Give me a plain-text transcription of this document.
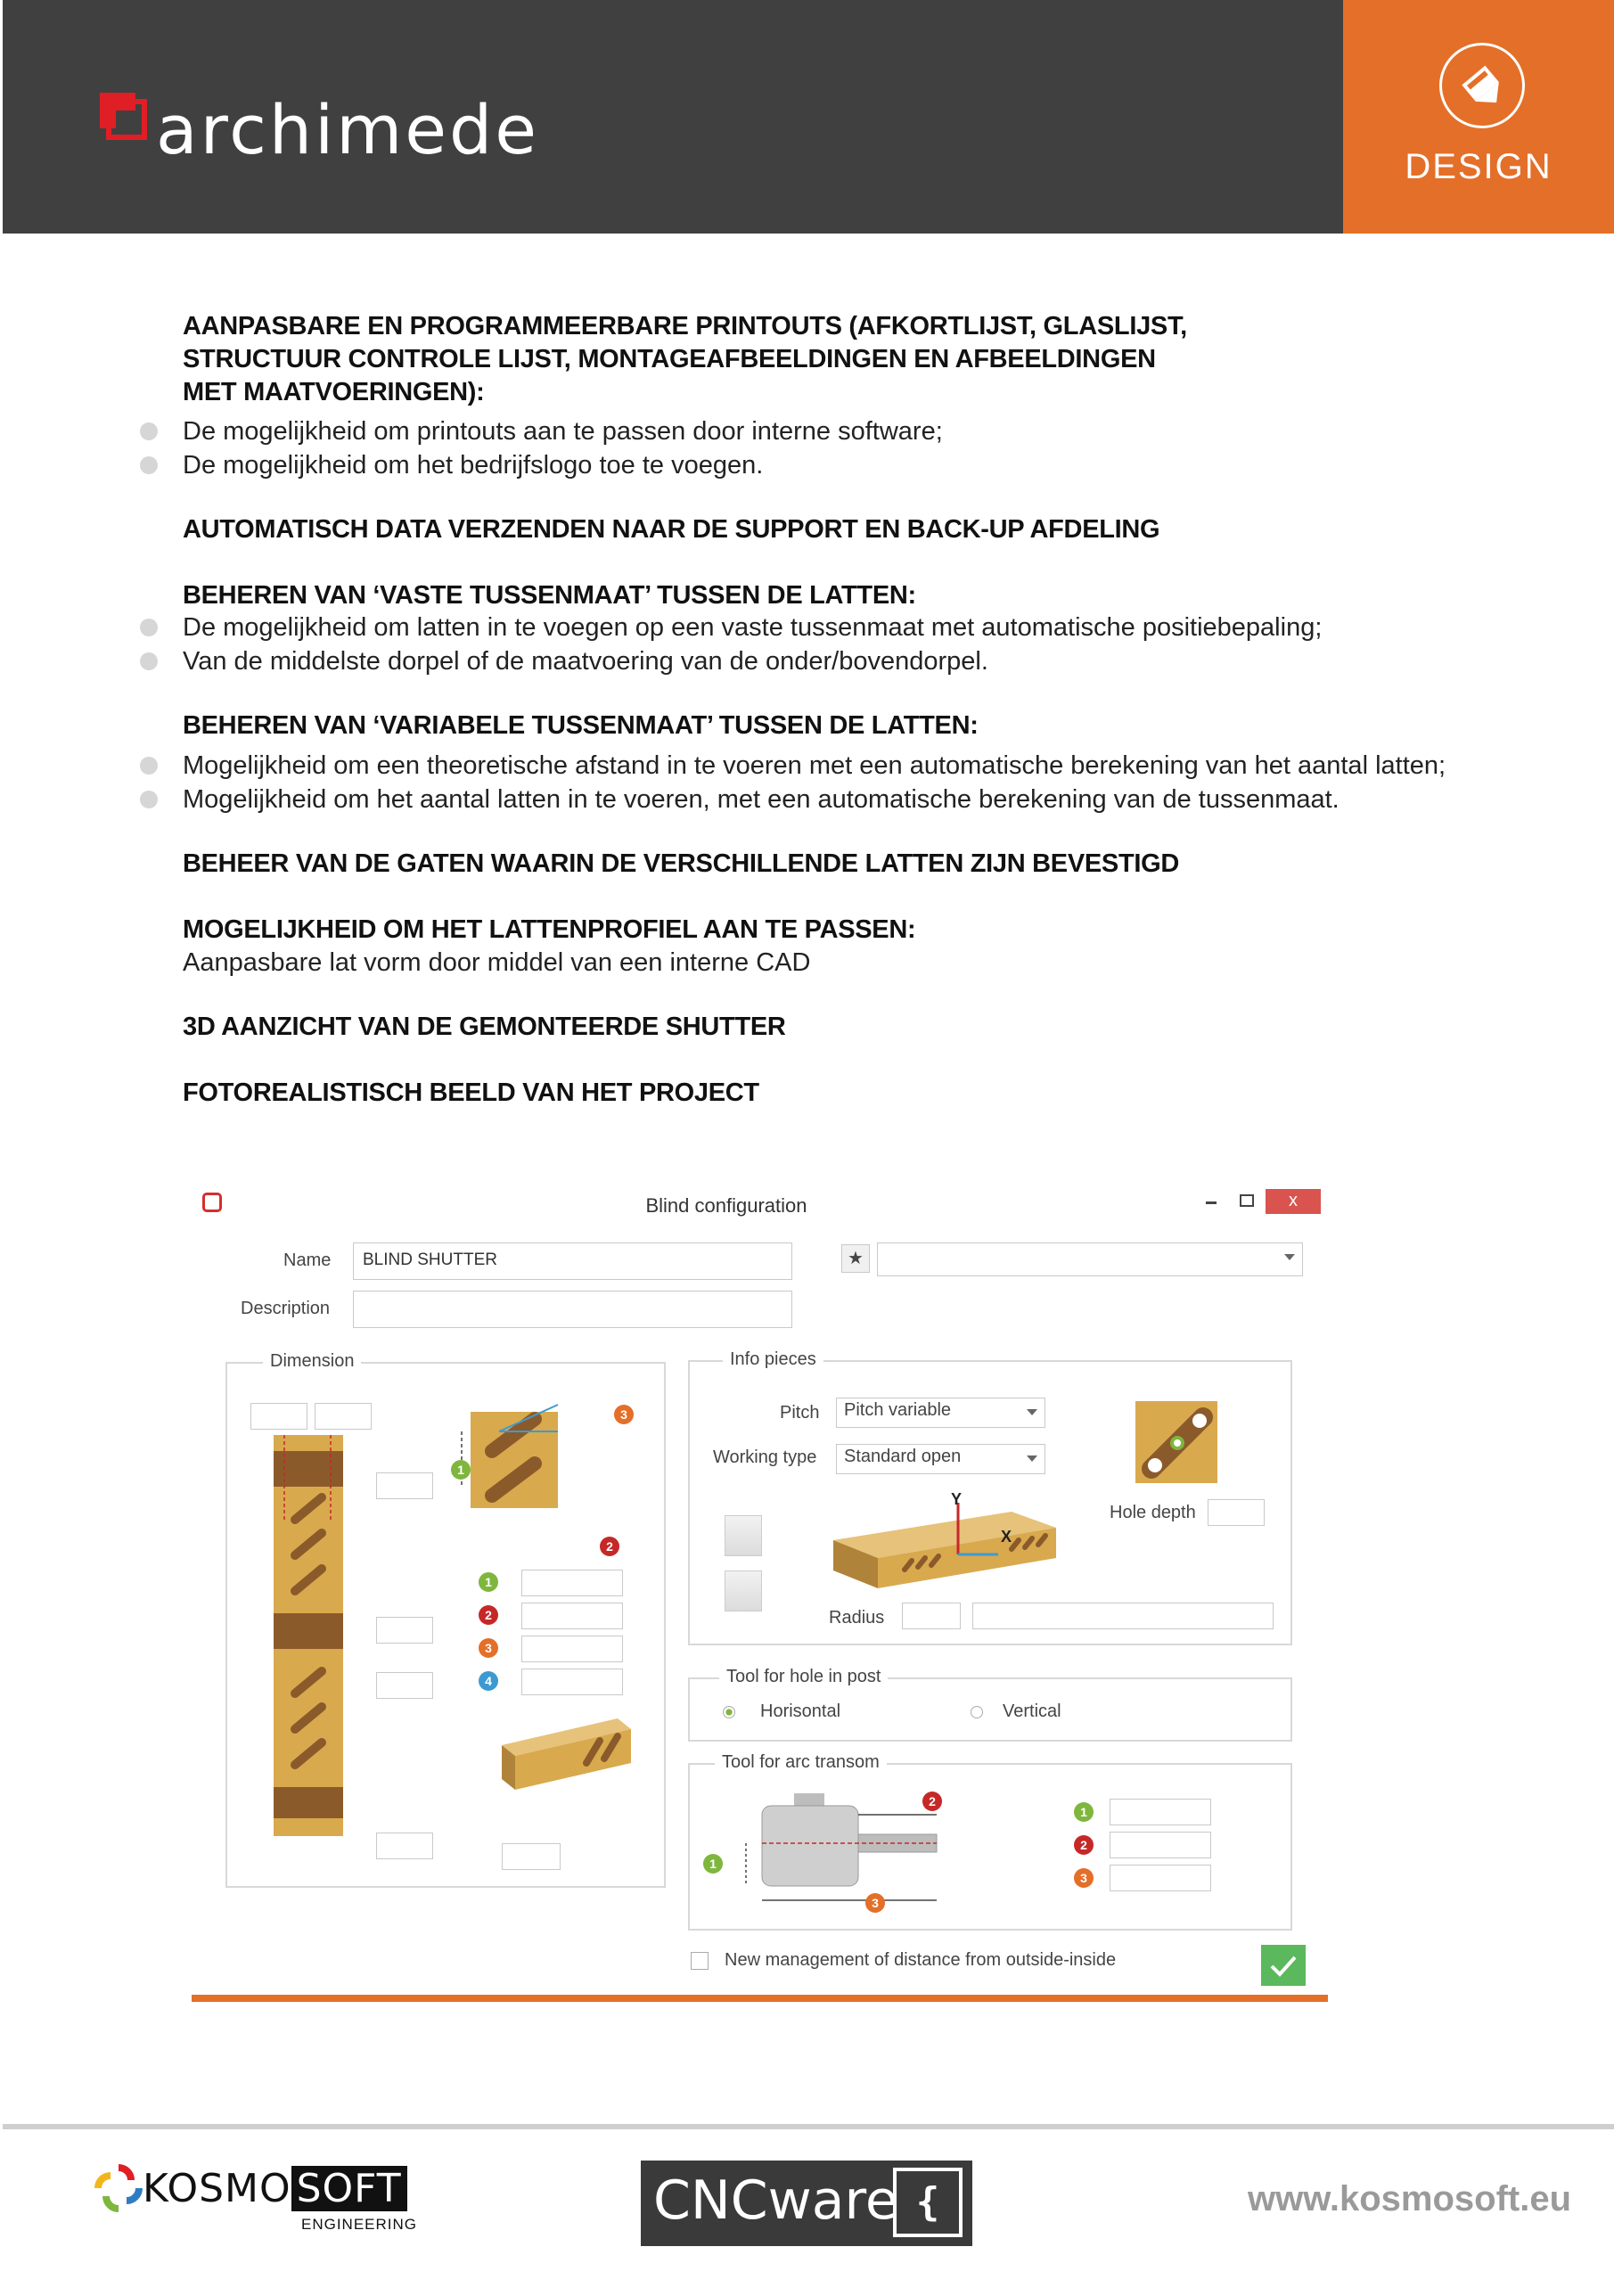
archimede	DESIGN
AANPASBARE EN PROGRAMMEERBARE PRINTOUTS (AFKORTLIJST, GLASLIJST,
STRUCTUUR CONTROLE LIJST, MONTAGEAFBEELDINGEN EN AFBEELDINGEN
MET MAATVOERINGEN):
De mogelijkheid om printouts aan te passen door interne software;
De mogelijkheid om het bedrijfslogo toe te voegen.
AUTOMATISCH DATA VERZENDEN NAAR DE SUPPORT EN BACK-UP AFDELING
BEHEREN VAN ‘VASTE TUSSENMAAT’ TUSSEN DE LATTEN:
De mogelijkheid om latten in te voegen op een vaste tussenmaat met automatische positiebepaling;
Van de middelste dorpel of de maatvoering van de onder/bovendorpel.
BEHEREN VAN ‘VARIABELE TUSSENMAAT’ TUSSEN DE LATTEN:
Mogelijkheid om een theoretische afstand in te voeren met een automatische berekening van het aantal latten;
Mogelijkheid om het aantal latten in te voeren, met een automatische berekening van de tussenmaat.
BEHEER VAN DE GATEN WAARIN DE VERSCHILLENDE LATTEN ZIJN BEVESTIGD
MOGELIJKHEID OM HET LATTENPROFIEL AAN TE PASSEN:
Aanpasbare lat vorm door middel van een interne CAD
3D AANZICHT VAN DE GEMONTEERDE SHUTTER
FOTOREALISTISCH BEELD VAN HET PROJECT
Blind configuration	x
Name	BLIND SHUTTER	★
Description
Dimension
3
1
2
1
2
3
4
Info pieces
Pitch	Pitch variable
Working type	Standard open
Hole depth
Y
X
Radius
Tool for hole in post
Horisontal	Vertical
Tool for arc transom
2
1
3
1
2
3
New management of distance from outside-inside
KOSMO SOFT
ENGINEERING	CNCware { }
www.kosmosoft.eu
